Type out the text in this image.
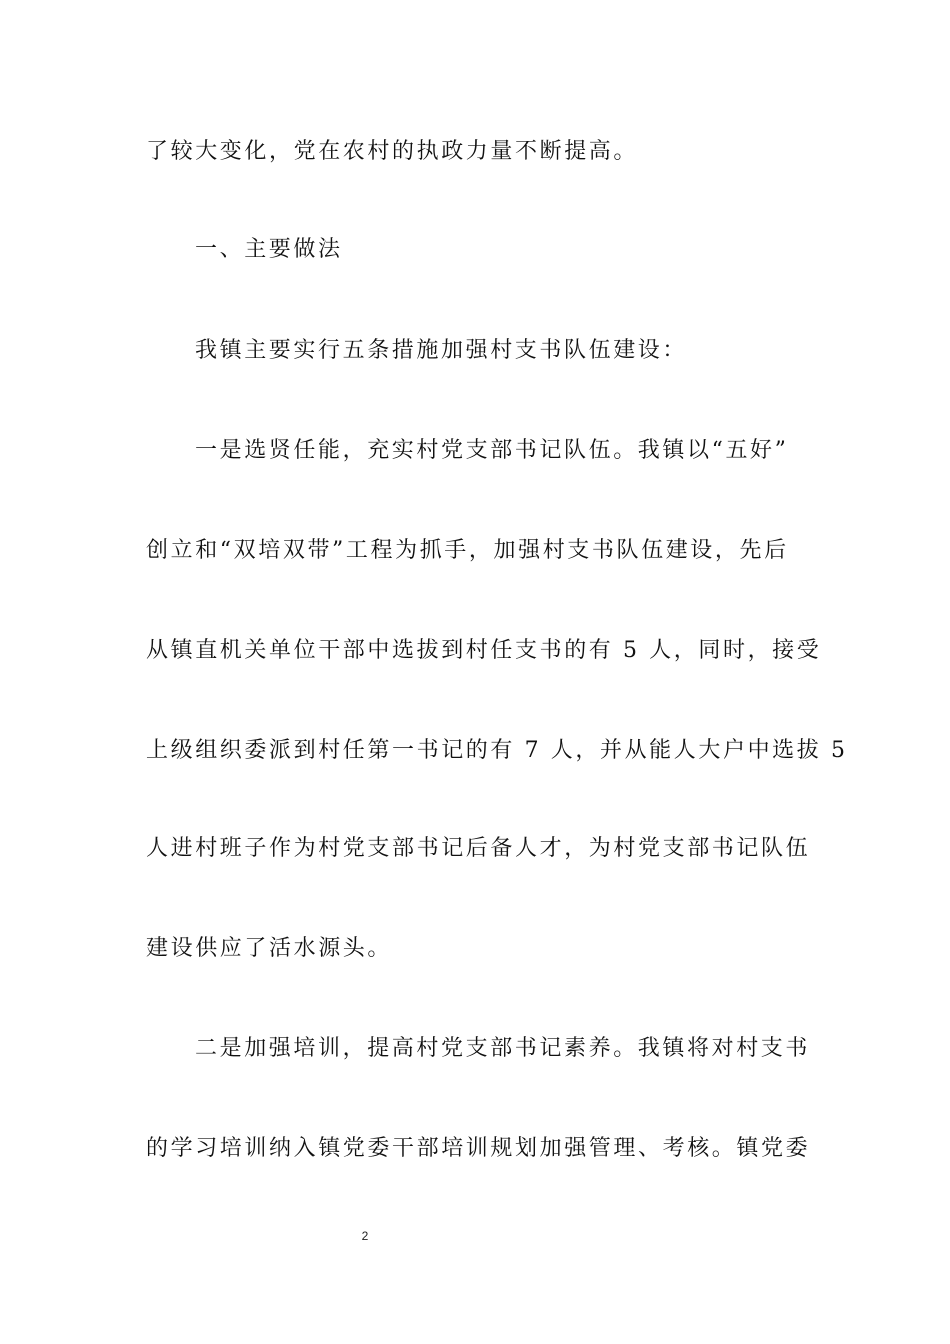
了较大变化，党在农村的执政力量不断提高。
一、主要做法
我镇主要实行五条措施加强村支书队伍建设：
一是选贤任能，充实村党支部书记队伍。我镇以“五好”
创立和“双培双带”工程为抓手，加强村支书队伍建设，先后
从镇直机关单位干部中选拔到村任支书的有 5 人，同时，接受
上级组织委派到村任第一书记的有 7 人，并从能人大户中选拔 5
人进村班子作为村党支部书记后备人才，为村党支部书记队伍
建设供应了活水源头。
二是加强培训，提高村党支部书记素养。我镇将对村支书
的学习培训纳入镇党委干部培训规划加强管理、考核。镇党委
2
